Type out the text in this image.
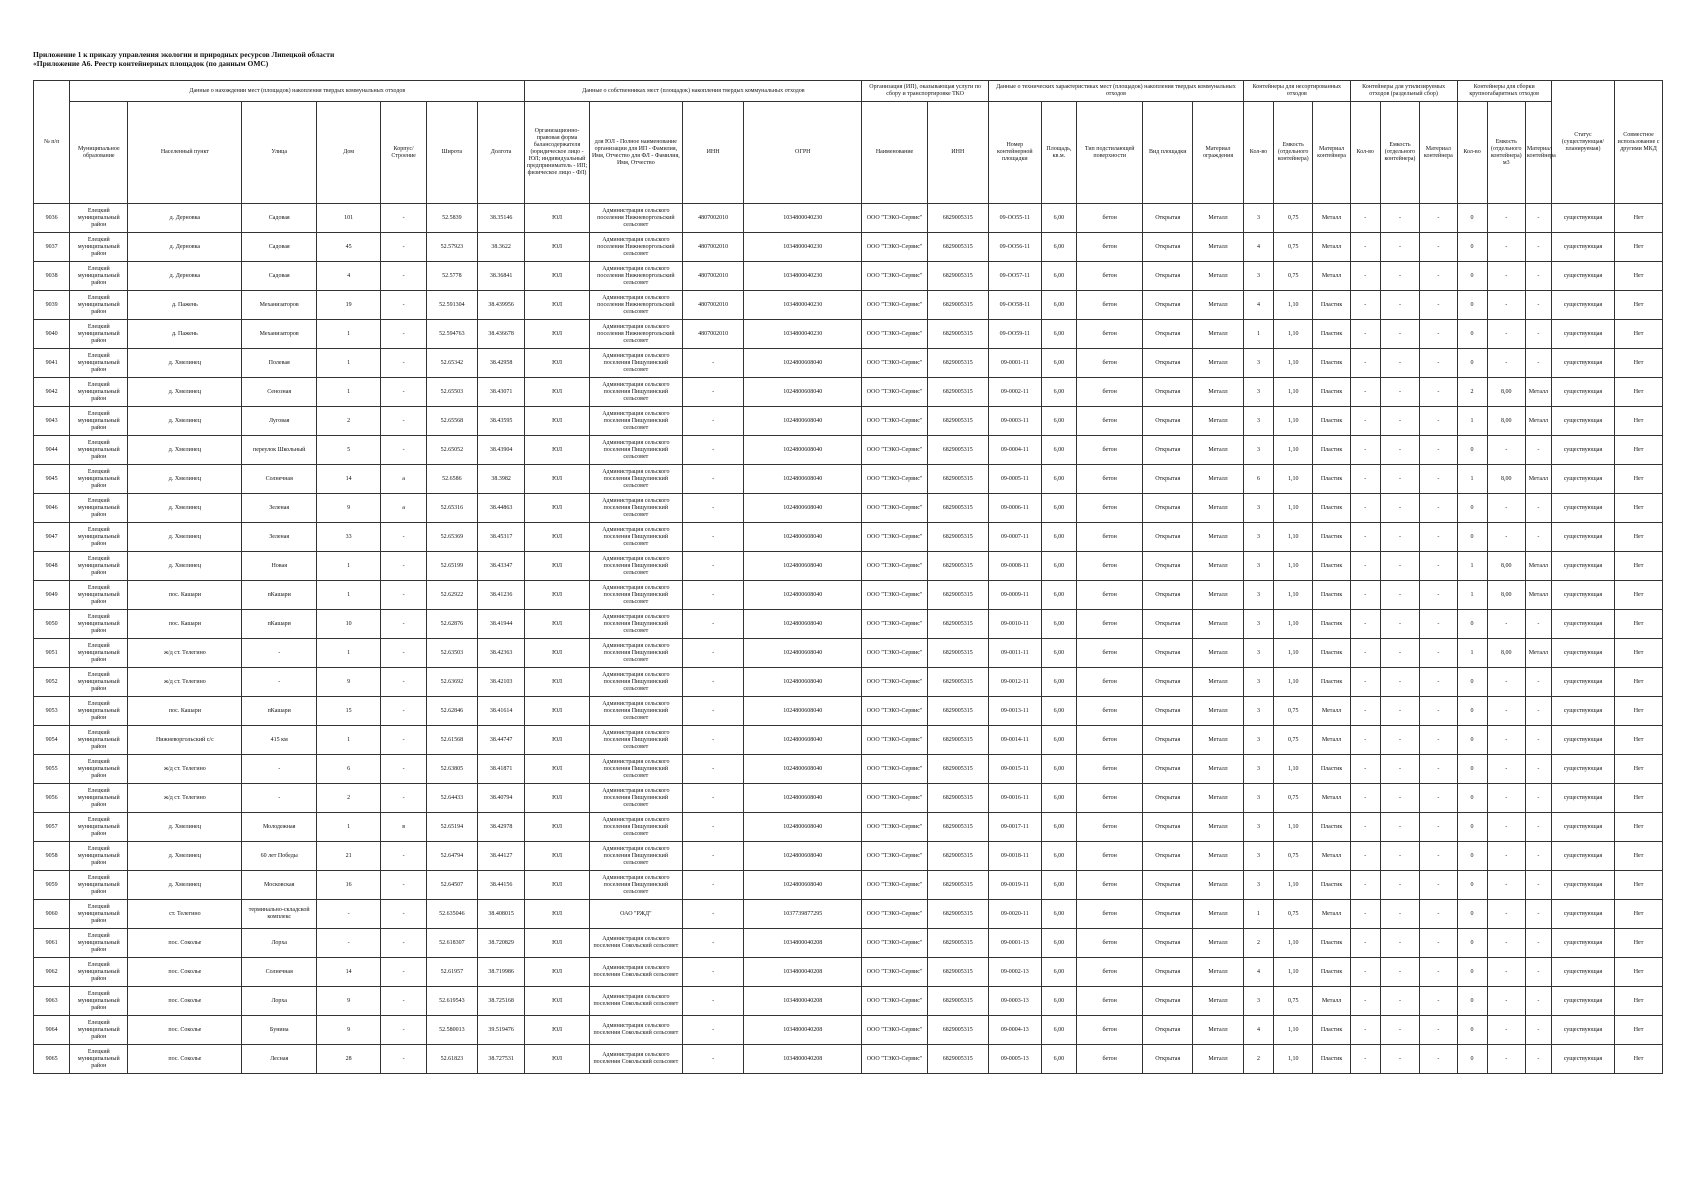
Приложение 1 к приказу управления экологии и природных ресурсов Липецкой области
«Приложение А6. Реестр контейнерных площадок (по данным ОМС)
№ п/п	Данные о нахождении мест (площадок) накопления твердых коммунальных отходов							Данные о собственниках мест (площадок) накопления твердых коммунальных отходов				Организация (ИП), оказывающая услуги по сбору и транспортировке ТКО		Данные о технических характеристиках мест (площадок) накопления твердых коммунальных отходов					Контейнеры для несортированных отходов			Контейнеры для утилизируемых отходов (раздельный сбор)			Контейнеры для сборки крупногабаритных отходов			Статус (существующая/планируемая)	Совместное использование с другими МКД
	Муниципальное образование	Населенный пункт	Улица	Дом	Корпус/Строение	Широта	Долгота	Организационно-правовая форма балансодержателя (юридическое лицо - ЮЛ; индивидуальный предприниматель - ИП; физическое лицо - ФЛ)	для ЮЛ - Полное наименование организации для ИП - Фамилия, Имя, Отчество для ФЛ - Фамилия, Имя, Отчество	ИНН	ОГРН	Наименование	ИНН	Номер контейнерной площадки	Площадь, кв.м.	Тип подстилающей поверхности	Вид площадки	Материал ограждения	Кол-во	Емкость (отдельного контейнера)	Материал контейнера	Кол-во	Емкость (отдельного контейнера)	Материал контейнера	Кол-во	Емкость (отдельного контейнера) м3	Материал контейнера		
9036	Елецкий муниципальный район	д. Дерновка	Садовая	101	-	52.5839	38.35146	ЮЛ	Администрация сельского поселения Нижневоргольский сельсовет	4807002010	1034800040230	ООО "ТЭКО-Сервис"	6829005315	09-ОО55-11	6,00	бетон	Открытая	Металл	3	0,75	Металл	-	-	-	0	-	-	существующая	Нет
9037	Елецкий муниципальный район	д. Дерновка	Садовая	45	-	52.57923	38.3622	ЮЛ	Администрация сельского поселения Нижневоргольский сельсовет	4807002010	1034800040230	ООО "ТЭКО-Сервис"	6829005315	09-ОО56-11	6,00	бетон	Открытая	Металл	4	0,75	Металл	-	-	-	0	-	-	существующая	Нет
9038	Елецкий муниципальный район	д. Дерновка	Садовая	4	-	52.5778	38.36841	ЮЛ	Администрация сельского поселения Нижневоргольский сельсовет	4807002010	1034800040230	ООО "ТЭКО-Сервис"	6829005315	09-ОО57-11	6,00	бетон	Открытая	Металл	3	0,75	Металл	-	-	-	0	-	-	существующая	Нет
9039	Елецкий муниципальный район	д. Пажень	Механизаторов	19	-	52.591304	38.439956	ЮЛ	Администрация сельского поселения Нижневоргольский сельсовет	4807002010	1034800040230	ООО "ТЭКО-Сервис"	6829005315	09-ОО58-11	6,00	бетон	Открытая	Металл	4	1,10	Пластик	-	-	-	0	-	-	существующая	Нет
9040	Елецкий муниципальный район	д. Пажень	Механизаторов	1	-	52.594763	38.436678	ЮЛ	Администрация сельского поселения Нижневоргольский сельсовет	4807002010	1034800040230	ООО "ТЭКО-Сервис"	6829005315	09-ОО59-11	6,00	бетон	Открытая	Металл	1	1,10	Пластик	-	-	-	0	-	-	существующая	Нет
9041	Елецкий муниципальный район	д. Хмелинец	Полевая	1	-	52.65342	38.42958	ЮЛ	Администрация сельского поселения Пищулинский сельсовет	-	1024800608040	ООО "ТЭКО-Сервис"	6829005315	09-0001-11	6,00	бетон	Открытая	Металл	3	1,10	Пластик	-	-	-	0	-	-	существующая	Нет
9042	Елецкий муниципальный район	д. Хмелинец	Сенозная	1	-	52.65503	38.43071	ЮЛ	Администрация сельского поселения Пищулинский сельсовет	-	1024800608040	ООО "ТЭКО-Сервис"	6829005315	09-0002-11	6,00	бетон	Открытая	Металл	3	1,10	Пластик	-	-	-	2	8,00	Металл	существующая	Нет
9043	Елецкий муниципальный район	д. Хмелинец	Луговая	2	-	52.65568	38.43595	ЮЛ	Администрация сельского поселения Пищулинский сельсовет	-	1024800608040	ООО "ТЭКО-Сервис"	6829005315	09-0003-11	6,00	бетон	Открытая	Металл	3	1,10	Пластик	-	-	-	1	8,00	Металл	существующая	Нет
9044	Елецкий муниципальный район	д. Хмелинец	переулок Школьный	5	-	52.65052	38.43904	ЮЛ	Администрация сельского поселения Пищулинский сельсовет	-	1024800608040	ООО "ТЭКО-Сервис"	6829005315	09-0004-11	6,00	бетон	Открытая	Металл	3	1,10	Пластик	-	-	-	0	-	-	существующая	Нет
9045	Елецкий муниципальный район	д. Хмелинец	Солнечная	14	а	52.6586	38.3982	ЮЛ	Администрация сельского поселения Пищулинский сельсовет	-	1024800608040	ООО "ТЭКО-Сервис"	6829005315	09-0005-11	6,00	бетон	Открытая	Металл	6	1,10	Пластик	-	-	-	1	8,00	Металл	существующая	Нет
9046	Елецкий муниципальный район	д. Хмелинец	Зеленая	9	а	52.65316	38.44863	ЮЛ	Администрация сельского поселения Пищулинский сельсовет	-	1024800608040	ООО "ТЭКО-Сервис"	6829005315	09-0006-11	6,00	бетон	Открытая	Металл	3	1,10	Пластик	-	-	-	0	-	-	существующая	Нет
9047	Елецкий муниципальный район	д. Хмелинец	Зеленая	33	-	52.65369	38.45317	ЮЛ	Администрация сельского поселения Пищулинский сельсовет	-	1024800608040	ООО "ТЭКО-Сервис"	6829005315	09-0007-11	6,00	бетон	Открытая	Металл	3	1,10	Пластик	-	-	-	0	-	-	существующая	Нет
9048	Елецкий муниципальный район	д. Хмелинец	Новая	1	-	52.65199	38.43347	ЮЛ	Администрация сельского поселения Пищулинский сельсовет	-	1024800608040	ООО "ТЭКО-Сервис"	6829005315	09-0008-11	6,00	бетон	Открытая	Металл	3	1,10	Пластик	-	-	-	1	8,00	Металл	существующая	Нет
9049	Елецкий муниципальный район	пос. Кашари	пКашари	1	-	52.62922	38.41236	ЮЛ	Администрация сельского поселения Пищулинский сельсовет	-	1024800608040	ООО "ТЭКО-Сервис"	6829005315	09-0009-11	6,00	бетон	Открытая	Металл	3	1,10	Пластик	-	-	-	1	8,00	Металл	существующая	Нет
9050	Елецкий муниципальный район	пос. Кашари	пКашари	10	-	52.62876	38.41944	ЮЛ	Администрация сельского поселения Пищулинский сельсовет	-	1024800608040	ООО "ТЭКО-Сервис"	6829005315	09-0010-11	6,00	бетон	Открытая	Металл	3	1,10	Пластик	-	-	-	0	-	-	существующая	Нет
9051	Елецкий муниципальный район	ж/д ст. Телегино	-	1	-	52.63503	38.42363	ЮЛ	Администрация сельского поселения Пищулинский сельсовет	-	1024800608040	ООО "ТЭКО-Сервис"	6829005315	09-0011-11	6,00	бетон	Открытая	Металл	3	1,10	Пластик	-	-	-	1	8,00	Металл	существующая	Нет
9052	Елецкий муниципальный район	ж/д ст. Телегино	-	9	-	52.63692	38.42103	ЮЛ	Администрация сельского поселения Пищулинский сельсовет	-	1024800608040	ООО "ТЭКО-Сервис"	6829005315	09-0012-11	6,00	бетон	Открытая	Металл	3	1,10	Пластик	-	-	-	0	-	-	существующая	Нет
9053	Елецкий муниципальный район	пос. Кашари	пКашари	15	-	52.62846	38.41614	ЮЛ	Администрация сельского поселения Пищулинский сельсовет	-	1024800608040	ООО "ТЭКО-Сервис"	6829005315	09-0013-11	6,00	бетон	Открытая	Металл	3	0,75	Металл	-	-	-	0	-	-	существующая	Нет
9054	Елецкий муниципальный район	Нижневоргольский с/с	415 км	1	-	52.61568	38.44747	ЮЛ	Администрация сельского поселения Пищулинский сельсовет	-	1024800608040	ООО "ТЭКО-Сервис"	6829005315	09-0014-11	6,00	бетон	Открытая	Металл	3	0,75	Металл	-	-	-	0	-	-	существующая	Нет
9055	Елецкий муниципальный район	ж/д ст. Телегино	-	6	-	52.63805	38.41871	ЮЛ	Администрация сельского поселения Пищулинский сельсовет	-	1024800608040	ООО "ТЭКО-Сервис"	6829005315	09-0015-11	6,00	бетон	Открытая	Металл	3	1,10	Пластик	-	-	-	0	-	-	существующая	Нет
9056	Елецкий муниципальный район	ж/д ст. Телегино	-	2	-	52.64433	38.40794	ЮЛ	Администрация сельского поселения Пищулинский сельсовет	-	1024800608040	ООО "ТЭКО-Сервис"	6829005315	09-0016-11	6,00	бетон	Открытая	Металл	3	0,75	Металл	-	-	-	0	-	-	существующая	Нет
9057	Елецкий муниципальный район	д. Хмелинец	Молодежная	1	в	52.65194	38.42978	ЮЛ	Администрация сельского поселения Пищулинский сельсовет	-	1024800608040	ООО "ТЭКО-Сервис"	6829005315	09-0017-11	6,00	бетон	Открытая	Металл	3	1,10	Пластик	-	-	-	0	-	-	существующая	Нет
9058	Елецкий муниципальный район	д. Хмелинец	60 лет Победы	21	-	52.64794	38.44127	ЮЛ	Администрация сельского поселения Пищулинский сельсовет	-	1024800608040	ООО "ТЭКО-Сервис"	6829005315	09-0018-11	6,00	бетон	Открытая	Металл	3	0,75	Металл	-	-	-	0	-	-	существующая	Нет
9059	Елецкий муниципальный район	д. Хмелинец	Московская	16	-	52.64507	38.44156	ЮЛ	Администрация сельского поселения Пищулинский сельсовет	-	1024800608040	ООО "ТЭКО-Сервис"	6829005315	09-0019-11	6,00	бетон	Открытая	Металл	3	1,10	Пластик	-	-	-	0	-	-	существующая	Нет
9060	Елецкий муниципальный район	ст. Телегино	терминально-складской комплекс	-	-	52.635046	38.408015	ЮЛ	ОАО "РЖД"	-	1037739877295	ООО "ТЭКО-Сервис"	6829005315	09-0020-11	6,00	бетон	Открытая	Металл	1	0,75	Металл	-	-	-	0	-	-	существующая	Нет
9061	Елецкий муниципальный район	пос. Соколье	Лорха	-	-	52.618307	38.720829	ЮЛ	Администрация сельского поселения Сокольский сельсовет	-	1034800040208	ООО "ТЭКО-Сервис"	6829005315	09-0001-13	6,00	бетон	Открытая	Металл	2	1,10	Пластик	-	-	-	0	-	-	существующая	Нет
9062	Елецкий муниципальный район	пос. Соколье	Солнечная	14	-	52.61957	38.719986	ЮЛ	Администрация сельского поселения Сокольский сельсовет	-	1034800040208	ООО "ТЭКО-Сервис"	6829005315	09-0002-13	6,00	бетон	Открытая	Металл	4	1,10	Пластик	-	-	-	0	-	-	существующая	Нет
9063	Елецкий муниципальный район	пос. Соколье	Лорха	9	-	52.619543	38.725168	ЮЛ	Администрация сельского поселения Сокольский сельсовет	-	1034800040208	ООО "ТЭКО-Сервис"	6829005315	09-0003-13	6,00	бетон	Открытая	Металл	3	0,75	Металл	-	-	-	0	-	-	существующая	Нет
9064	Елецкий муниципальный район	пос. Соколье	Бунина	9	-	52.580013	39.519476	ЮЛ	Администрация сельского поселения Сокольский сельсовет	-	1034800040208	ООО "ТЭКО-Сервис"	6829005315	09-0004-13	6,00	бетон	Открытая	Металл	4	1,10	Пластик	-	-	-	0	-	-	существующая	Нет
9065	Елецкий муниципальный район	пос. Соколье	Лесная	28	-	52.61823	38.727531	ЮЛ	Администрация сельского поселения Сокольский сельсовет	-	1034800040208	ООО "ТЭКО-Сервис"	6829005315	09-0005-13	6,00	бетон	Открытая	Металл	2	1,10	Пластик	-	-	-	0	-	-	существующая	Нет
